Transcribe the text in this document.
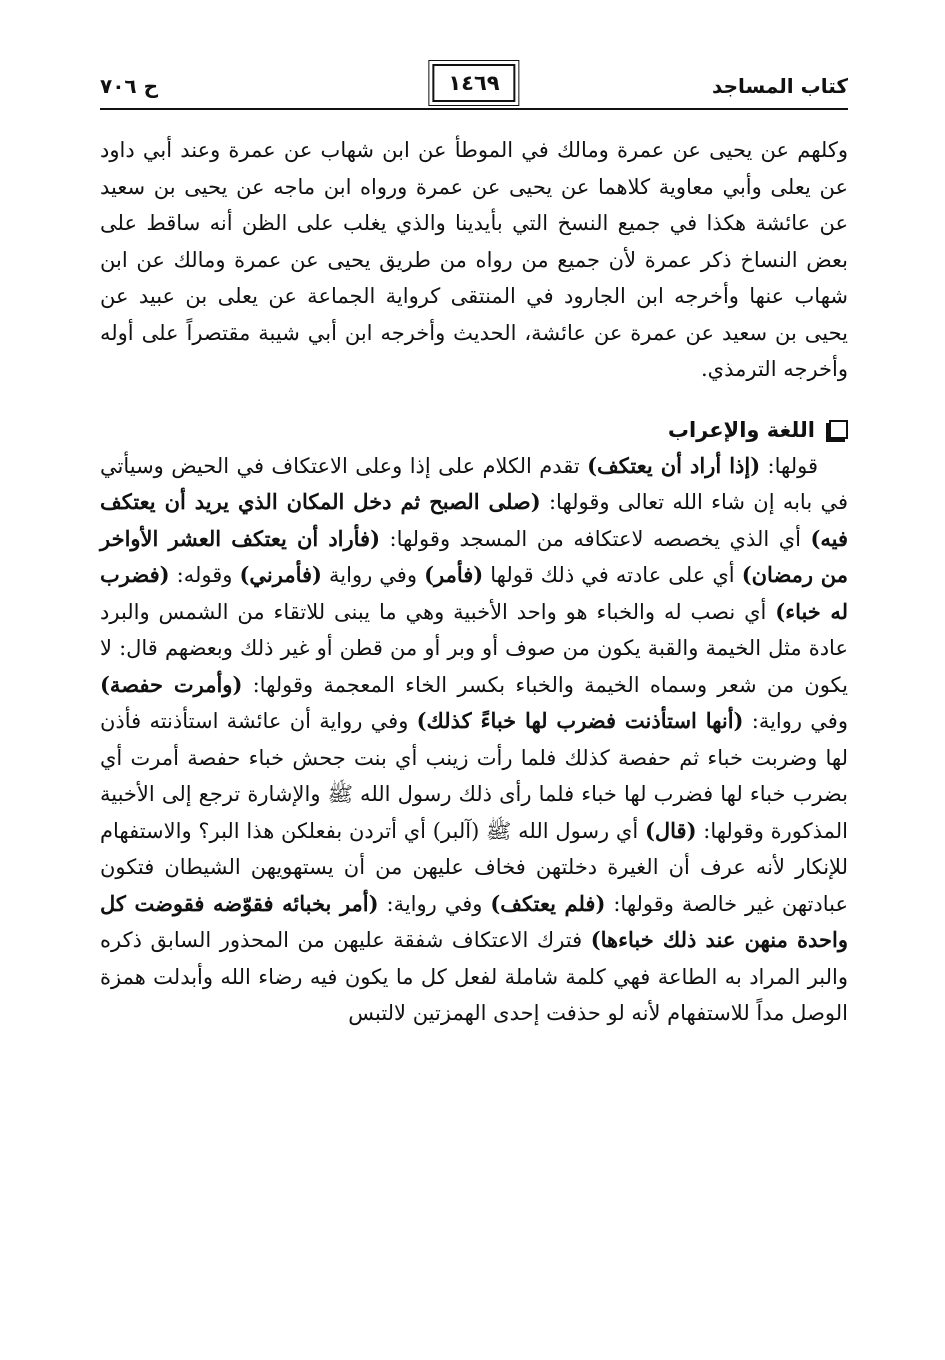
كتاب المساجد
١٤٦٩
ح ٧٠٦

وكلهم عن يحيى عن عمرة ومالك في الموطأ عن ابن شهاب عن عمرة وعند أبي داود عن يعلى وأبي معاوية كلاهما عن يحيى عن عمرة ورواه ابن ماجه عن يحيى بن سعيد عن عائشة هكذا في جميع النسخ التي بأيدينا والذي يغلب على الظن أنه ساقط على بعض النساخ ذكر عمرة لأن جميع من رواه من طريق يحيى عن عمرة ومالك عن ابن شهاب عنها وأخرجه ابن الجارود في المنتقى كرواية الجماعة عن يعلى بن عبيد عن يحيى بن سعيد عن عمرة عن عائشة، الحديث وأخرجه ابن أبي شيبة مقتصراً على أوله وأخرجه الترمذي.

اللغة والإعراب

قولها: (إذا أراد أن يعتكف) تقدم الكلام على إذا وعلى الاعتكاف في الحيض وسيأتي في بابه إن شاء الله تعالى وقولها: (صلى الصبح ثم دخل المكان الذي يريد أن يعتكف فيه) أي الذي يخصصه لاعتكافه من المسجد وقولها: (فأراد أن يعتكف العشر الأواخر من رمضان) أي على عادته في ذلك قولها (فأمر) وفي رواية (فأمرني) وقوله: (فضرب له خباء) أي نصب له والخباء هو واحد الأخبية وهي ما يبنى للاتقاء من الشمس والبرد عادة مثل الخيمة والقبة يكون من صوف أو وبر أو من قطن أو غير ذلك وبعضهم قال: لا يكون من شعر وسماه الخيمة والخباء بكسر الخاء المعجمة وقولها: (وأمرت حفصة) وفي رواية: (أنها استأذنت فضرب لها خباءً كذلك) وفي رواية أن عائشة استأذنته فأذن لها وضربت خباء ثم حفصة كذلك فلما رأت زينب أي بنت جحش خباء حفصة أمرت أي بضرب خباء لها فضرب لها خباء فلما رأى ذلك رسول الله ﷺ والإشارة ترجع إلى الأخبية المذكورة وقولها: (قال) أي رسول الله ﷺ (آلبر) أي أتردن بفعلكن هذا البر؟ والاستفهام للإنكار لأنه عرف أن الغيرة دخلتهن فخاف عليهن من أن يستهويهن الشيطان فتكون عبادتهن غير خالصة وقولها: (فلم يعتكف) وفي رواية: (أمر بخبائه فقوّضه فقوضت كل واحدة منهن عند ذلك خباءها) فترك الاعتكاف شفقة عليهن من المحذور السابق ذكره والبر المراد به الطاعة فهي كلمة شاملة لفعل كل ما يكون فيه رضاء الله وأبدلت همزة الوصل مداً للاستفهام لأنه لو حذفت إحدى الهمزتين لالتبس
